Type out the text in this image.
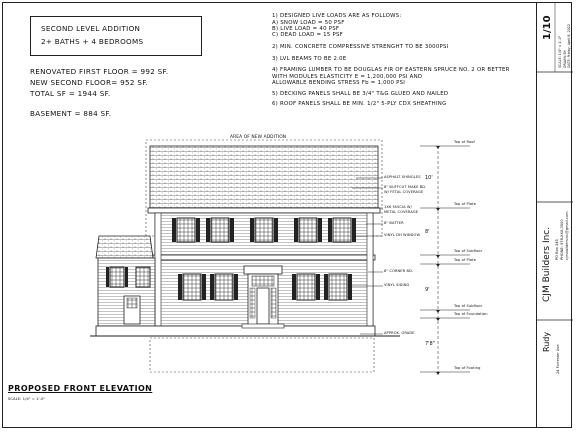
SECOND LEVEL ADDITION
2+ BATHS + 4 BEDROOMS
RENOVATED FIRST FLOOR = 992 SF.
NEW SECOND FLOOR= 952 SF.
TOTAL SF = 1944 SF.
BASEMENT = 884 SF.
1) DESIGNED LIVE LOADS ARE AS FOLLOWS:
A) SNOW LOAD = 50 PSF
B) LIVE LOAD = 40 PSF
C) DEAD LOAD = 15 PSF
2) MIN. CONCRETE COMPRESSIVE STRENGHT TO BE 3000PSI
3) LVL BEAMS TO BE 2.0E
4) FRAMING LUMBER TO BE DOUGLAS FIR OF EASTERN SPRUCE NO. 2 OR BETTER
WITH MODULES ELASTICITY E = 1,200,000 PSI AND
ALLOWABLE BENDING STRESS Fb = 1,000 PSI
5) DECKING PANELS SHALL BE 3/4" T&G GLUED AND NAILED
6) ROOF PANELS SHALL BE MIN. 1/2" 5-PLY CDX SHEATHING
AREA OF NEW ADDITION
ASPHALT SHINGLES
8" BUFFCUT MAKE BD.
W/ FETAL COVERAGE
1X6 FASCIA W/
METAL COVERAGE
8" BATTER
VINYL DH WINDOW
8" CORNER BD.
VINYL SIDING
APPROX. GRADE
Top of Roof
Top of Plate
Top of Subfloor
Top of Plate
Top of Subfloor
Top of Foundation
Top of Footing
10'
8'
9'
7'8"
PROPOSED FRONT ELEVATION
SCALE: 1/4" = 1'-0"
1/10
SCALE: 1/4" = 1'-0" DRAWN BY: DATE: Friday, April 8, 2022
CJM Builders Inc. PO Box 345 PHONE: 978-XXX-3500 cjmbuildersinc@gmail.com
Rudy
24 Forrester Ave
